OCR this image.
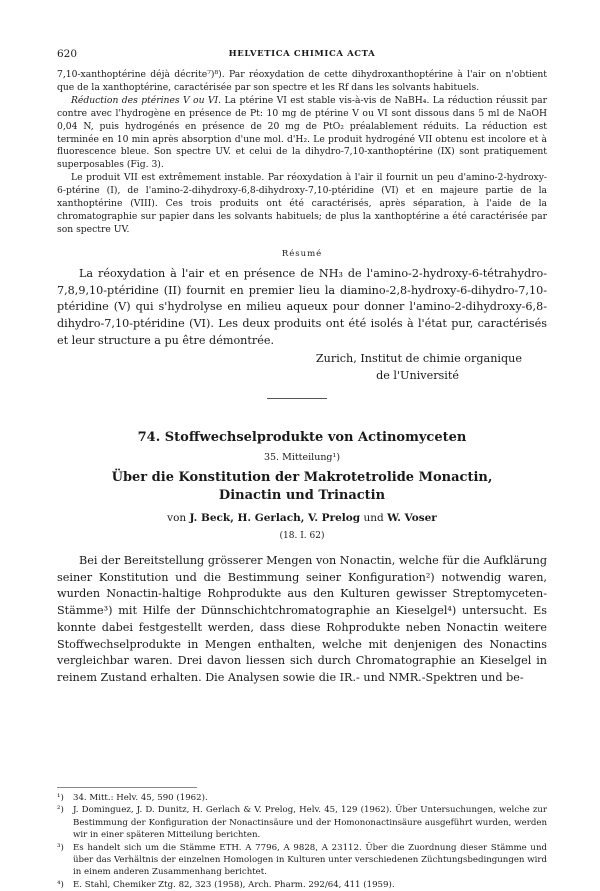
620	HELVETICA CHIMICA ACTA

7,10-xanthoptérine déjà décrite⁷)⁸). Par réoxydation de cette dihydroxanthoptérine à l'air on n'obtient que de la xanthoptérine, caractérisée par son spectre et les Rf dans les solvants habituels.

Réduction des ptérines V ou VI. La ptérine VI est stable vis-à-vis de NaBH₄. La réduction réussit par contre avec l'hydrogène en présence de Pt: 10 mg de ptérine V ou VI sont dissous dans 5 ml de NaOH 0,04 N, puis hydrogénés en présence de 20 mg de PtO₂ préalablement réduits. La réduction est terminée en 10 min après absorption d'une mol. d'H₂. Le produit hydrogéné VII obtenu est incolore et à fluorescence bleue. Son spectre UV. et celui de la dihydro-7,10-xanthoptérine (IX) sont pratiquement superposables (Fig. 3).

Le produit VII est extrêmement instable. Par réoxydation à l'air il fournit un peu d'amino-2-hydroxy-6-ptérine (I), de l'amino-2-dihydroxy-6,8-dihydroxy-7,10-ptéridine (VI) et en majeure partie de la xanthoptérine (VIII). Ces trois produits ont été caractérisés, après séparation, à l'aide de la chromatographie sur papier dans les solvants habituels; de plus la xanthoptérine a été caractérisée par son spectre UV.

Résumé

La réoxydation à l'air et en présence de NH₃ de l'amino-2-hydroxy-6-tétrahydro-7,8,9,10-ptéridine (II) fournit en premier lieu la diamino-2,8-hydroxy-6-dihydro-7,10-ptéridine (V) qui s'hydrolyse en milieu aqueux pour donner l'amino-2-dihydroxy-6,8-dihydro-7,10-ptéridine (VI). Les deux produits ont été isolés à l'état pur, caractérisés et leur structure a pu être démontrée.

Zurich, Institut de chimie organique
de l'Université
74. Stoffwechselprodukte von Actinomyceten
35. Mitteilung¹)
Über die Konstitution der Makrotetrolide Monactin,
Dinactin und Trinactin
von J. Beck, H. Gerlach, V. Prelog und W. Voser
(18. I. 62)

Bei der Bereitstellung grösserer Mengen von Nonactin, welche für die Aufklärung seiner Konstitution und die Bestimmung seiner Konfiguration²) notwendig waren, wurden Nonactin-haltige Rohprodukte aus den Kulturen gewisser Streptomyceten-Stämme³) mit Hilfe der Dünnschichtchromatographie an Kieselgel⁴) untersucht. Es konnte dabei festgestellt werden, dass diese Rohprodukte neben Nonactin weitere Stoffwechselprodukte in Mengen enthalten, welche mit denjenigen des Nonactins vergleichbar waren. Drei davon liessen sich durch Chromatographie an Kieselgel in reinem Zustand erhalten. Die Analysen sowie die IR.- und NMR.-Spektren und be-

¹) 34. Mitt.: Helv. 45, 590 (1962).
²) J. Dominguez, J. D. Dunitz, H. Gerlach & V. Prelog, Helv. 45, 129 (1962). Über Untersuchungen, welche zur Bestimmung der Konfiguration der Nonactinsäure und der Homononactinsäure ausgeführt wurden, werden wir in einer späteren Mitteilung berichten.
³) Es handelt sich um die Stämme ETH. A 7796, A 9828, A 23112. Über die Zuordnung dieser Stämme und über das Verhältnis der einzelnen Homologen in Kulturen unter verschiedenen Züchtungsbedingungen wird in einem anderen Zusammenhang berichtet.
⁴) E. Stahl, Chemiker Ztg. 82, 323 (1958), Arch. Pharm. 292/64, 411 (1959).
